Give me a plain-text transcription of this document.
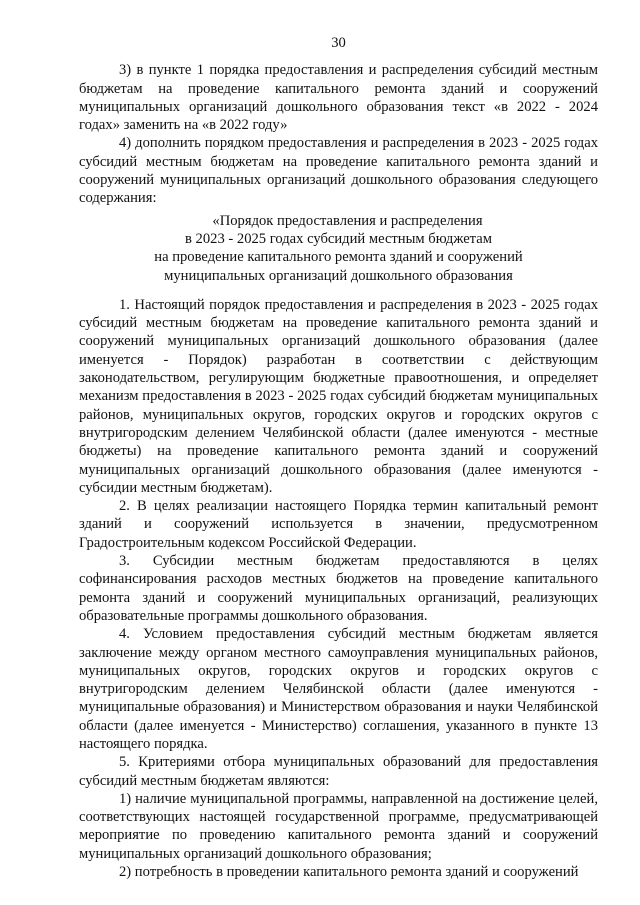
30

3) в пункте 1 порядка предоставления и распределения субсидий местным бюджетам на проведение капитального ремонта зданий и сооружений муниципальных организаций дошкольного образования текст «в 2022 - 2024 годах» заменить на «в 2022 году»

4) дополнить порядком предоставления и распределения в 2023 - 2025 годах субсидий местным бюджетам на проведение капитального ремонта зданий и сооружений муниципальных организаций дошкольного образования следующего содержания:

«Порядок предоставления и распределения
в 2023 - 2025 годах субсидий местным бюджетам
на проведение капитального ремонта зданий и сооружений
муниципальных организаций дошкольного образования

1. Настоящий порядок предоставления и распределения в 2023 - 2025 годах субсидий местным бюджетам на проведение капитального ремонта зданий и сооружений муниципальных организаций дошкольного образования (далее именуется - Порядок) разработан в соответствии с действующим законодательством, регулирующим бюджетные правоотношения, и определяет механизм предоставления в 2023 - 2025 годах субсидий бюджетам муниципальных районов, муниципальных округов, городских округов и городских округов с внутригородским делением Челябинской области (далее именуются - местные бюджеты) на проведение капитального ремонта зданий и сооружений муниципальных организаций дошкольного образования (далее именуются - субсидии местным бюджетам).

2. В целях реализации настоящего Порядка термин капитальный ремонт зданий и сооружений используется в значении, предусмотренном Градостроительным кодексом Российской Федерации.

3. Субсидии местным бюджетам предоставляются в целях софинансирования расходов местных бюджетов на проведение капитального ремонта зданий и сооружений муниципальных организаций, реализующих образовательные программы дошкольного образования.

4. Условием предоставления субсидий местным бюджетам является заключение между органом местного самоуправления муниципальных районов, муниципальных округов, городских округов и городских округов с внутригородским делением Челябинской области (далее именуются - муниципальные образования) и Министерством образования и науки Челябинской области (далее именуется - Министерство) соглашения, указанного в пункте 13 настоящего порядка.

5. Критериями отбора муниципальных образований для предоставления субсидий местным бюджетам являются:

1) наличие муниципальной программы, направленной на достижение целей, соответствующих настоящей государственной программе, предусматривающей мероприятие по проведению капитального ремонта зданий и сооружений муниципальных организаций дошкольного образования;

2) потребность в проведении капитального ремонта зданий и сооружений
